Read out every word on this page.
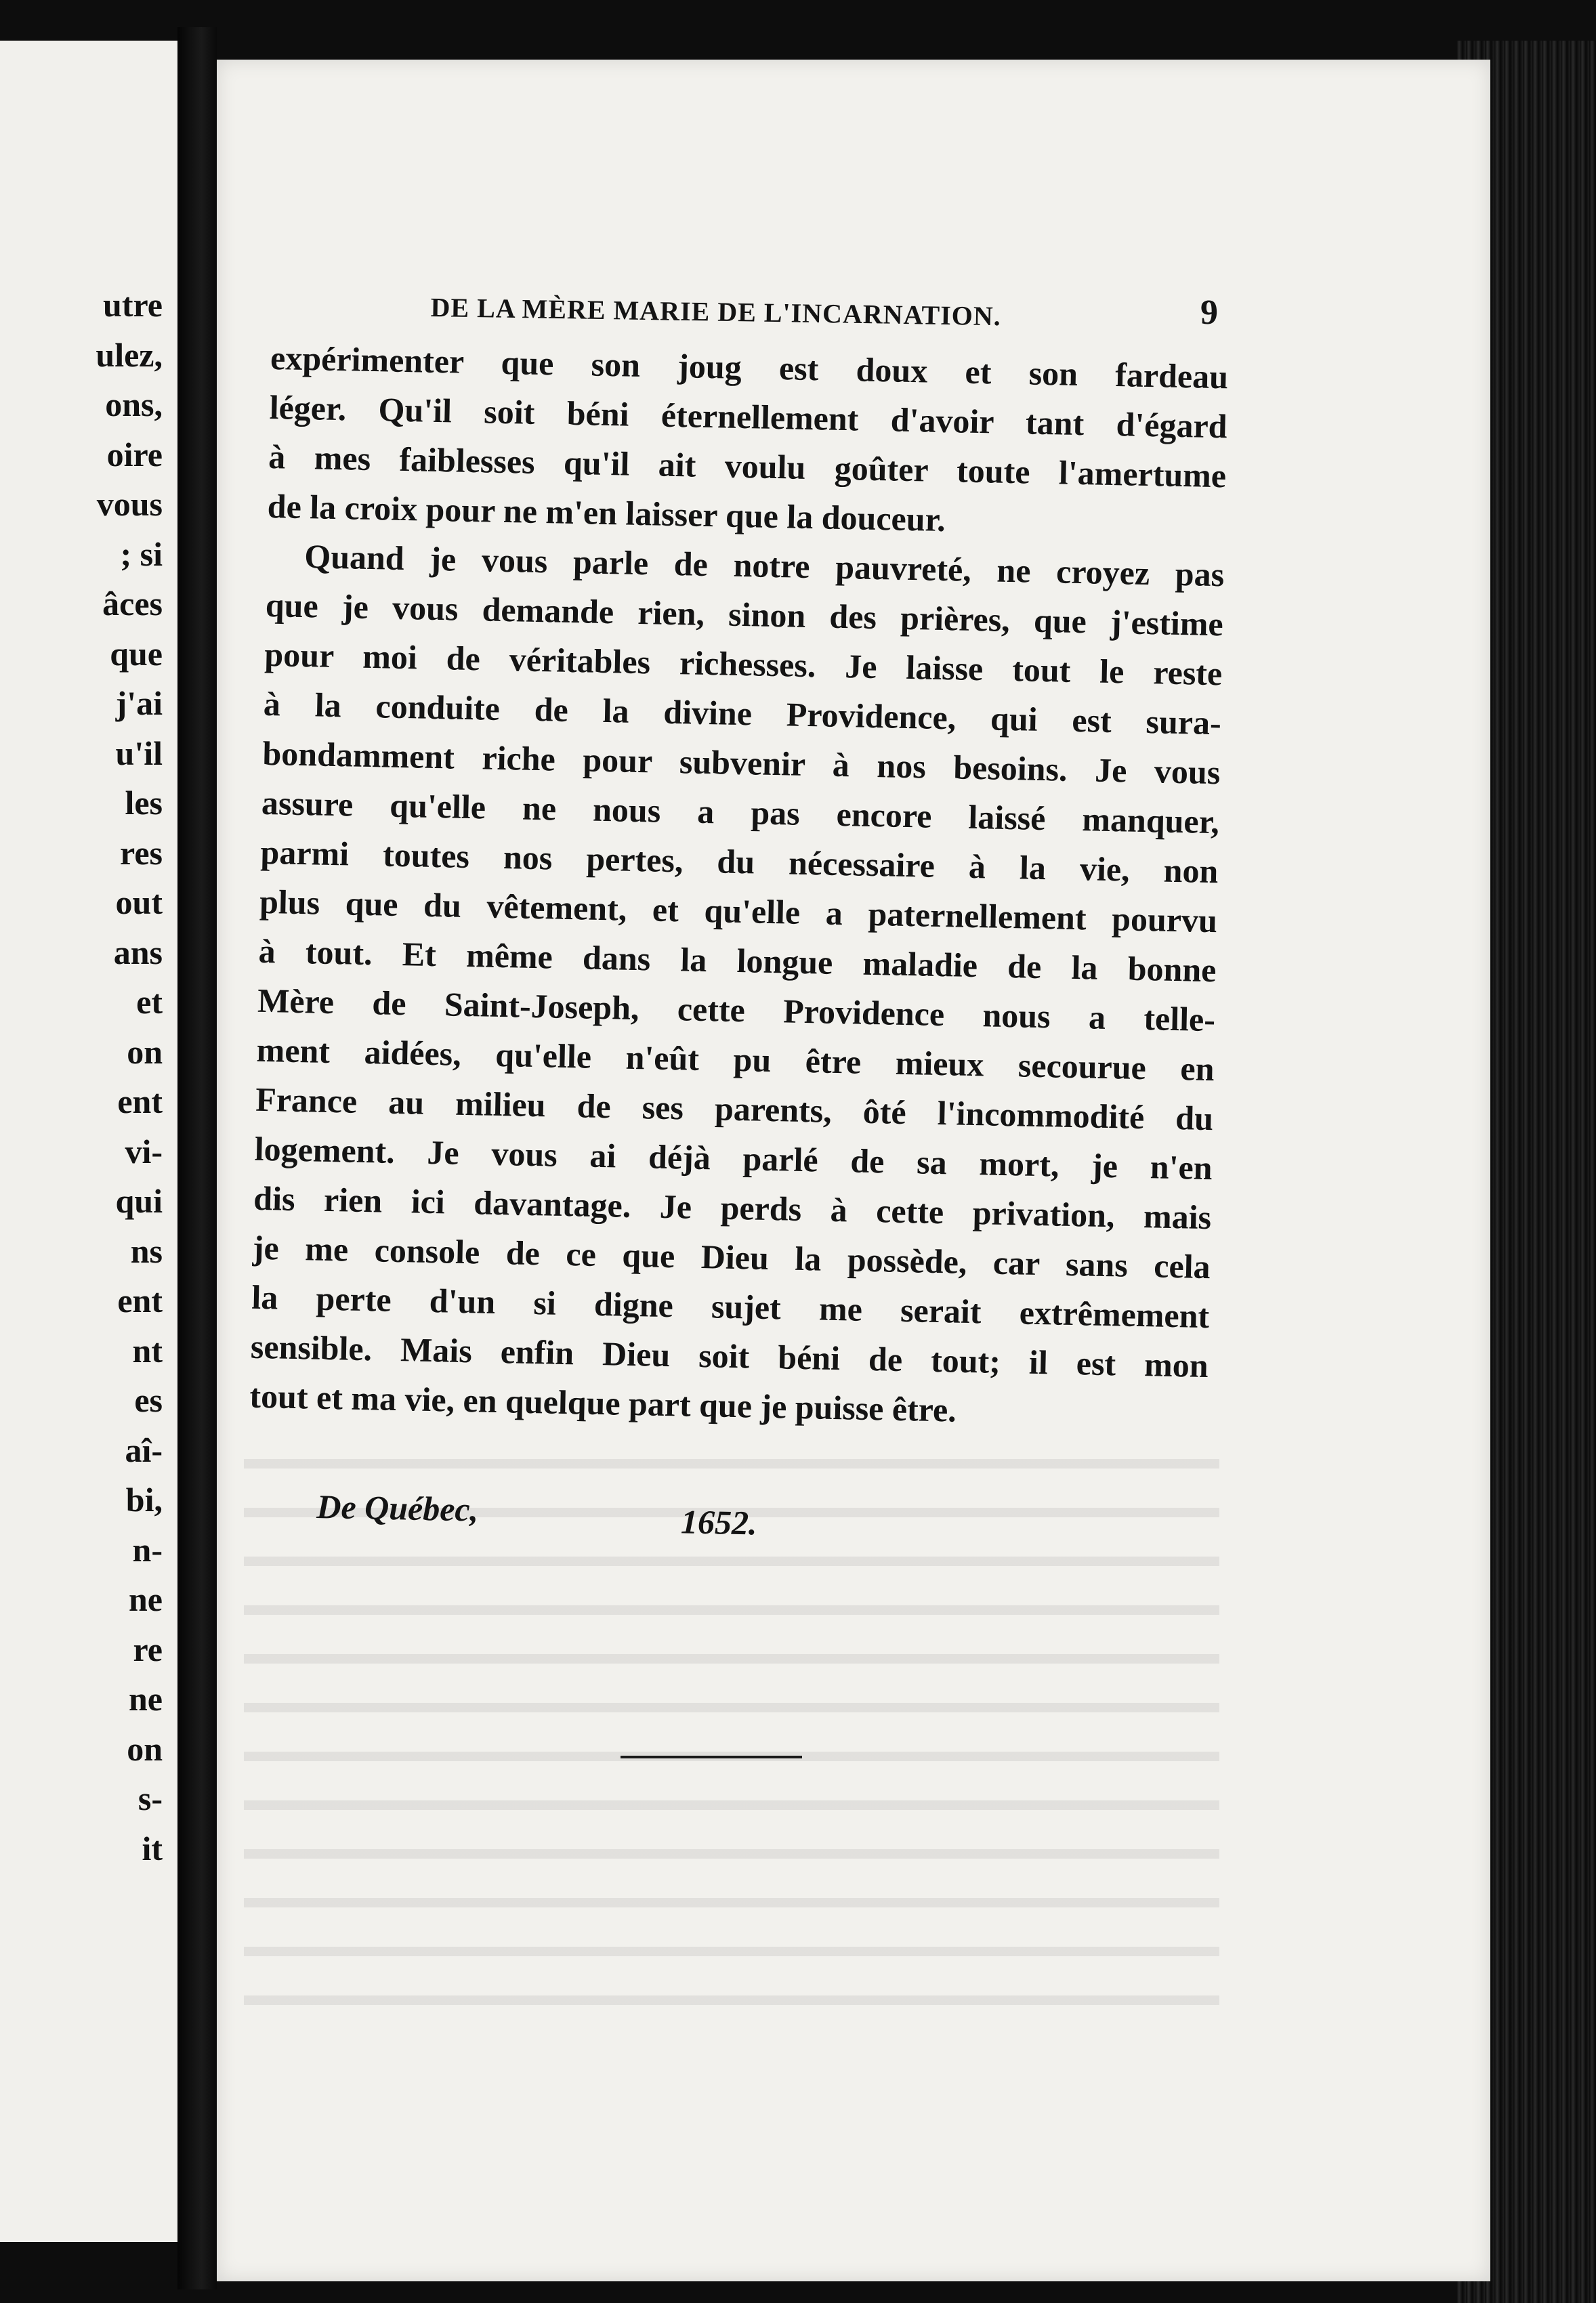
utre
ulez,
ons,
oire
vous
; si
âces
que
j'ai
u'il
les
res
out
ans
et
on
ent
vi-
qui
ns
ent
nt
es
aî-
bi,
n-
ne
re
ne
on
s-
it
DE LA MÈRE MARIE DE L'INCARNATION.	9
expérimenter que son joug est doux et son fardeau
léger. Qu'il soit béni éternellement d'avoir tant d'égard
à mes faiblesses qu'il ait voulu goûter toute l'amertume
de la croix pour ne m'en laisser que la douceur.
Quand je vous parle de notre pauvreté, ne croyez pas
que je vous demande rien, sinon des prières, que j'estime
pour moi de véritables richesses. Je laisse tout le reste
à la conduite de la divine Providence, qui est sura-
bondamment riche pour subvenir à nos besoins. Je vous
assure qu'elle ne nous a pas encore laissé manquer,
parmi toutes nos pertes, du nécessaire à la vie, non
plus que du vêtement, et qu'elle a paternellement pourvu
à tout. Et même dans la longue maladie de la bonne
Mère de Saint-Joseph, cette Providence nous a telle-
ment aidées, qu'elle n'eût pu être mieux secourue en
France au milieu de ses parents, ôté l'incommodité du
logement. Je vous ai déjà parlé de sa mort, je n'en
dis rien ici davantage. Je perds à cette privation, mais
je me console de ce que Dieu la possède, car sans cela
la perte d'un si digne sujet me serait extrêmement
sensible. Mais enfin Dieu soit béni de tout; il est mon
tout et ma vie, en quelque part que je puisse être.
De Québec,	1652.
